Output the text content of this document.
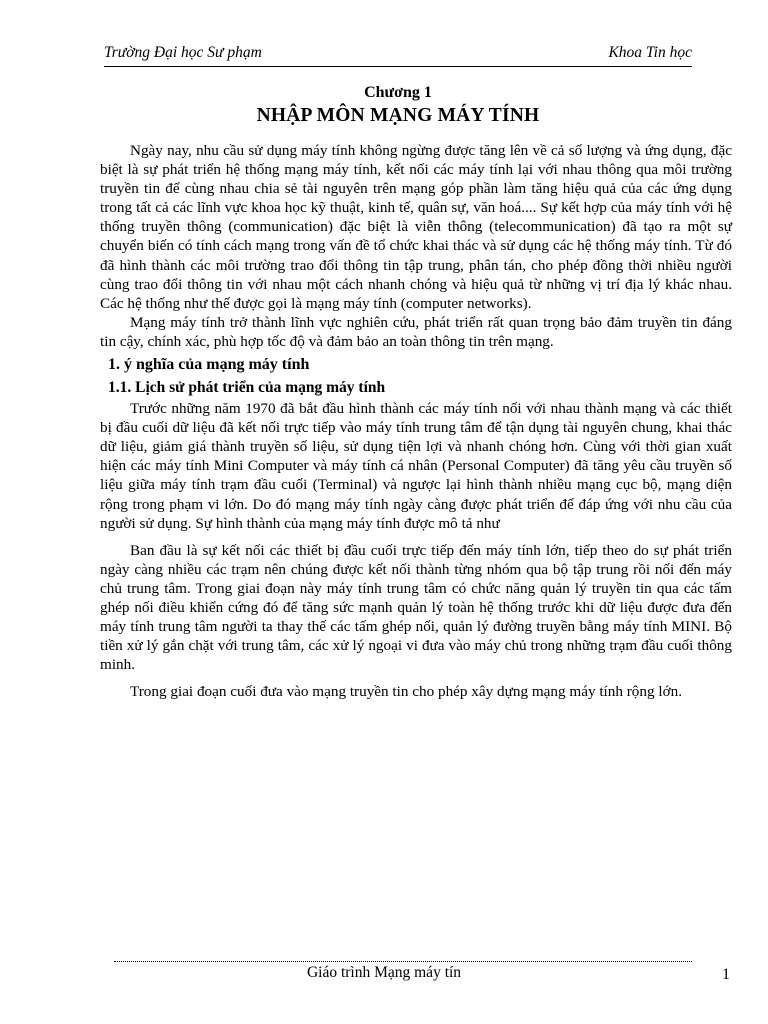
Trường Đại học Sư phạm	Khoa Tin học
Chương 1
NHẬP MÔN MẠNG MÁY TÍNH

Ngày nay, nhu cầu sử dụng máy tính không ngừng được tăng lên về cả số lượng và ứng dụng, đặc biệt là sự phát triển hệ thống mạng máy tính, kết nối các máy tính lại với nhau thông qua môi trường truyền tin để cùng nhau chia sẻ tài nguyên trên mạng góp phần làm tăng hiệu quả của các ứng dụng trong tất cả các lĩnh vực khoa học kỹ thuật, kinh tế, quân sự, văn hoá.... Sự kết hợp của máy tính với hệ thống truyền thông (communication) đặc biệt là viễn thông (telecommunication) đã tạo ra một sự chuyển biến có tính cách mạng trong vấn đề tổ chức khai thác và sử dụng các hệ thống máy tính. Từ đó đã hình thành các môi trường trao đổi thông tin tập trung, phân tán, cho phép đồng thời nhiều người cùng trao đổi thông tin với nhau một cách nhanh chóng và hiệu quả từ những vị trí địa lý khác nhau. Các hệ thống như thế được gọi là mạng máy tính (computer networks).

Mạng máy tính trở thành lĩnh vực nghiên cứu, phát triển rất quan trọng bảo đảm truyền tin đáng tin cậy, chính xác, phù hợp tốc độ và đảm bảo an toàn thông tin trên mạng.

1. ý nghĩa của mạng máy tính
1.1. Lịch sử phát triển của mạng máy tính

Trước những năm 1970 đã bắt đầu hình thành các máy tính nối với nhau thành mạng và các thiết bị đầu cuối dữ liệu đã kết nối trực tiếp vào máy tính trung tâm để tận dụng tài nguyên chung, khai thác dữ liệu, giảm giá thành truyền số liệu, sử dụng tiện lợi và nhanh chóng hơn. Cùng với thời gian xuất hiện các máy tính Mini Computer và máy tính cá nhân (Personal Computer) đã tăng yêu cầu truyền số liệu giữa máy tính trạm đầu cuối (Terminal) và ngược lại hình thành nhiều mạng cục bộ, mạng diện rộng trong phạm vi lớn. Do đó mạng máy tính ngày càng được phát triển để đáp ứng với nhu cầu của người sử dụng. Sự hình thành của mạng máy tính được mô tả như

Ban đầu là sự kết nối các thiết bị đầu cuối trực tiếp đến máy tính lớn, tiếp theo do sự phát triển ngày càng nhiều các trạm nên chúng được kết nối thành từng nhóm qua bộ tập trung rồi nối đến máy chủ trung tâm. Trong giai đoạn này máy tính trung tâm có chức năng quản lý truyền tin qua các tấm ghép nối điều khiển cứng đó để tăng sức mạnh quản lý toàn hệ thống trước khi dữ liệu được đưa đến máy tính trung tâm người ta thay thế các tấm ghép nối, quản lý đường truyền bằng máy tính MINI. Bộ tiền xử lý gắn chặt với trung tâm, các xử lý ngoại vi đưa vào máy chủ trong những trạm đầu cuối thông minh.

Trong giai đoạn cuối đưa vào mạng truyền tin cho phép xây dựng mạng máy tính rộng lớn.

Giáo trình Mạng máy tín	1
